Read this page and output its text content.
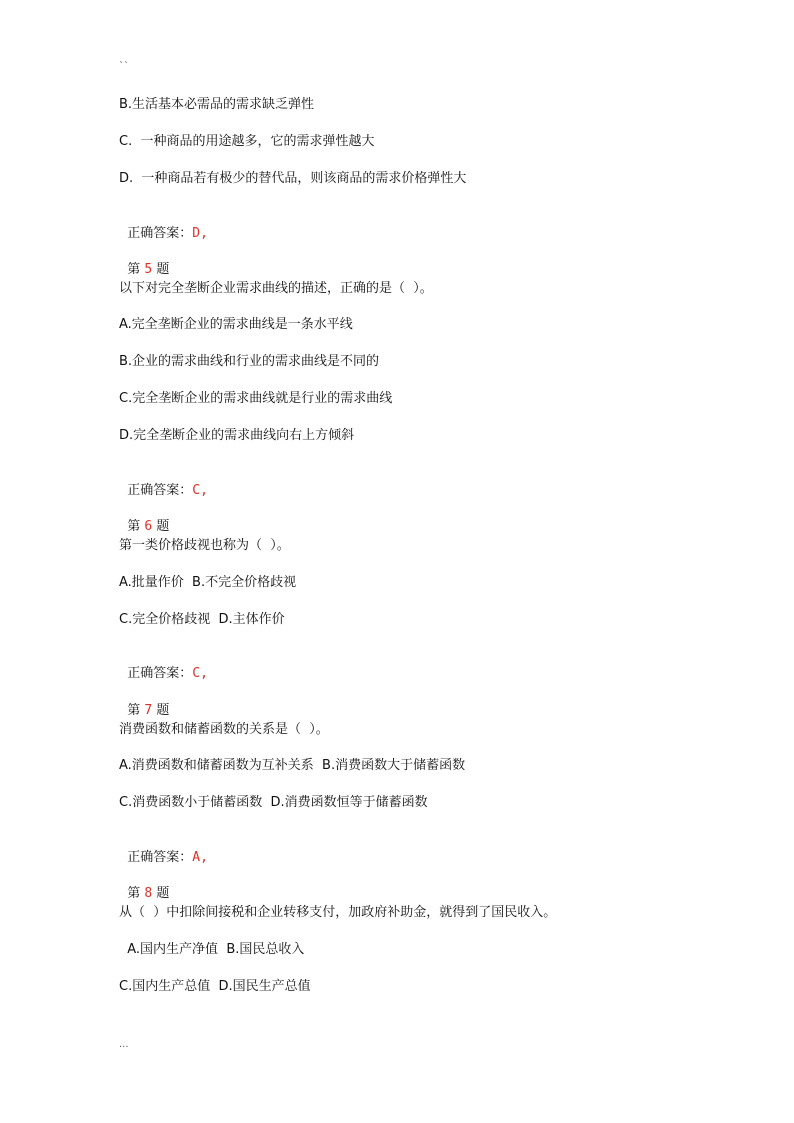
``
B.生活基本必需品的需求缺乏弹性
C.  一种商品的用途越多，它的需求弹性越大
D.  一种商品若有极少的替代品，则该商品的需求价格弹性大

正确答案：D,

第 5 题

以下对完全垄断企业需求曲线的描述，正确的是（  ）。
A.完全垄断企业的需求曲线是一条水平线
B.企业的需求曲线和行业的需求曲线是不同的
C.完全垄断企业的需求曲线就是行业的需求曲线
D.完全垄断企业的需求曲线向右上方倾斜

正确答案：C,

第 6 题

第一类价格歧视也称为（  ）。
A.批量作价  B.不完全价格歧视
C.完全价格歧视  D.主体作价

正确答案：C,

第 7 题

消费函数和储蓄函数的关系是（  ）。
A.消费函数和储蓄函数为互补关系  B.消费函数大于储蓄函数
C.消费函数小于储蓄函数  D.消费函数恒等于储蓄函数

正确答案：A,

第 8 题

从（  ）中扣除间接税和企业转移支付，加政府补助金，就得到了国民收入。
A.国内生产净值  B.国民总收入
C.国内生产总值  D.国民生产总值
...
